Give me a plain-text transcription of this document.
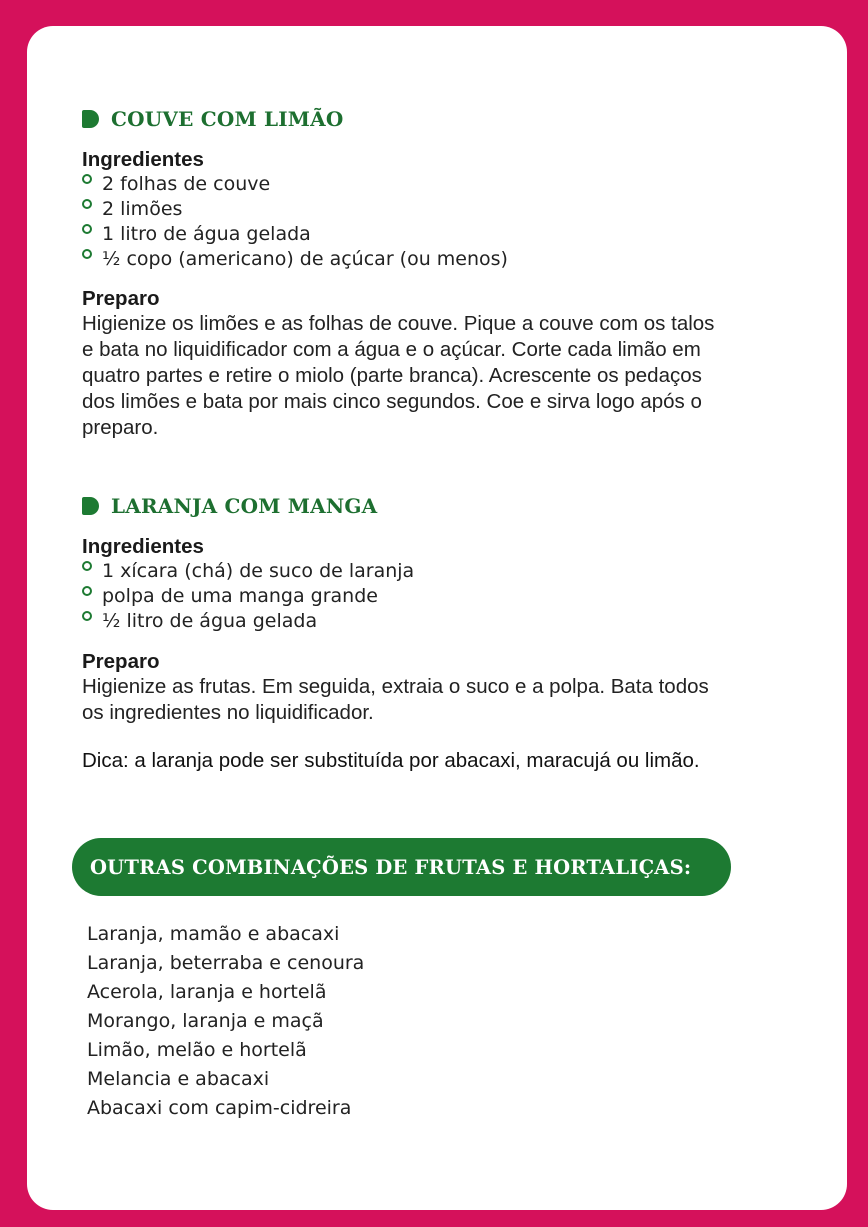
COUVE COM LIMÃO
Ingredientes
2 folhas de couve
2 limões
1 litro de água gelada
½ copo (americano) de açúcar (ou menos)
Preparo
Higienize os limões e as folhas de couve. Pique a couve com os talos e bata no liquidificador com a água e o açúcar. Corte cada limão em quatro partes e retire o miolo (parte branca). Acrescente os pedaços dos limões e bata por mais cinco segundos. Coe e sirva logo após o preparo.
LARANJA COM MANGA
Ingredientes
1 xícara (chá) de suco de laranja
polpa de uma manga grande
½ litro de água gelada
Preparo
Higienize as frutas. Em seguida, extraia o suco e a polpa. Bata todos os ingredientes no liquidificador.
Dica: a laranja pode ser substituída por abacaxi, maracujá ou limão.
OUTRAS COMBINAÇÕES DE FRUTAS E HORTALIÇAS:
Laranja, mamão e abacaxi
Laranja, beterraba e cenoura
Acerola, laranja e hortelã
Morango, laranja e maçã
Limão, melão e hortelã
Melancia e abacaxi
Abacaxi com capim-cidreira
